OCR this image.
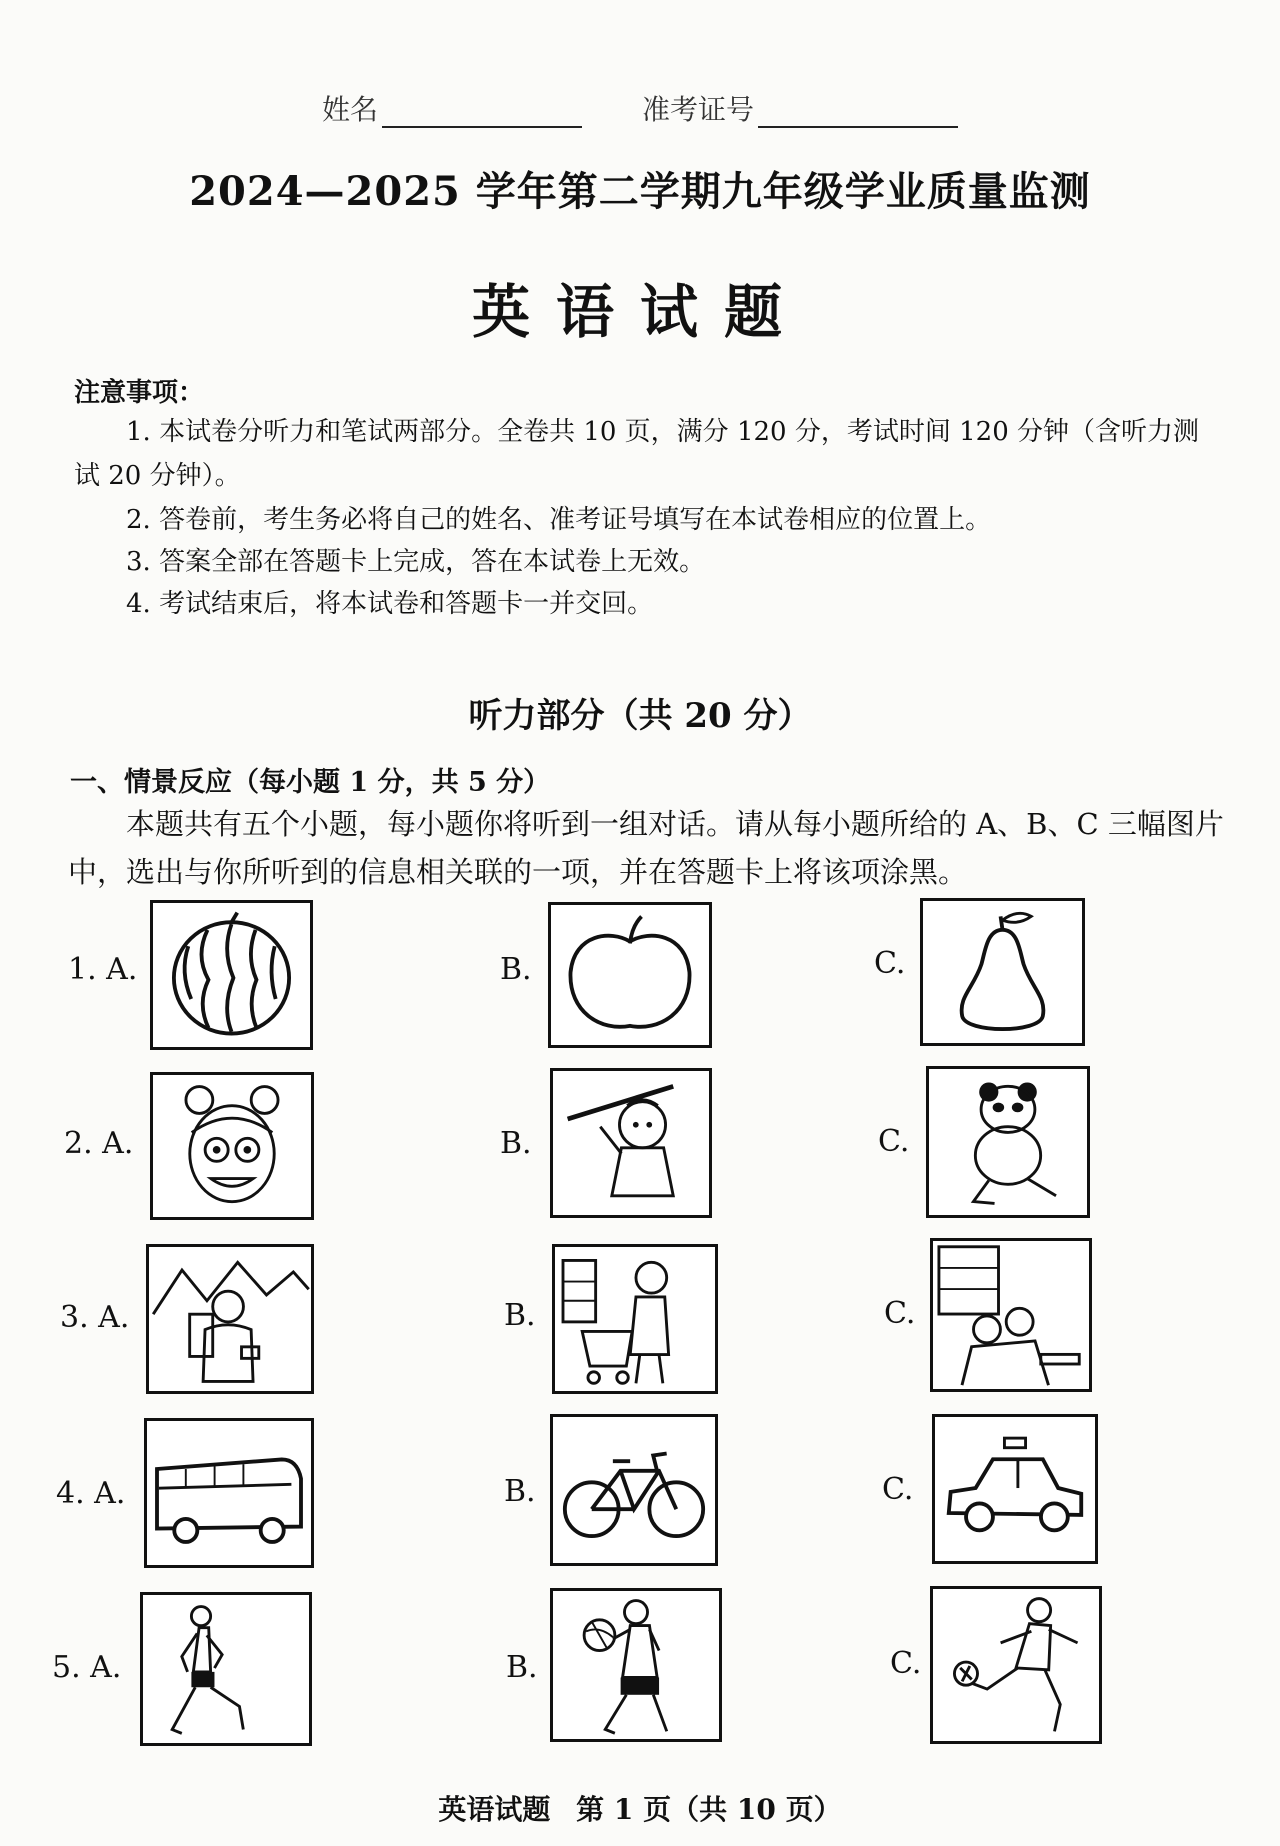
姓名	准考证号
2024—2025 学年第二学期九年级学业质量监测
英语试题
注意事项：
1. 本试卷分听力和笔试两部分。全卷共 10 页，满分 120 分，考试时间 120 分钟（含听力测试 20 分钟）。
2. 答卷前，考生务必将自己的姓名、准考证号填写在本试卷相应的位置上。
3. 答案全部在答题卡上完成，答在本试卷上无效。
4. 考试结束后，将本试卷和答题卡一并交回。
听力部分（共 20 分）
一、情景反应（每小题 1 分，共 5 分）
本题共有五个小题，每小题你将听到一组对话。请从每小题所给的 A、B、C 三幅图片中，选出与你所听到的信息相关联的一项，并在答题卡上将该项涂黑。
1. A.	B.	C.
2. A.	B.	C.
3. A.	B.	C.
4. A.	B.	C.
5. A.	B.	C.
英语试题 第 1 页（共 10 页）
